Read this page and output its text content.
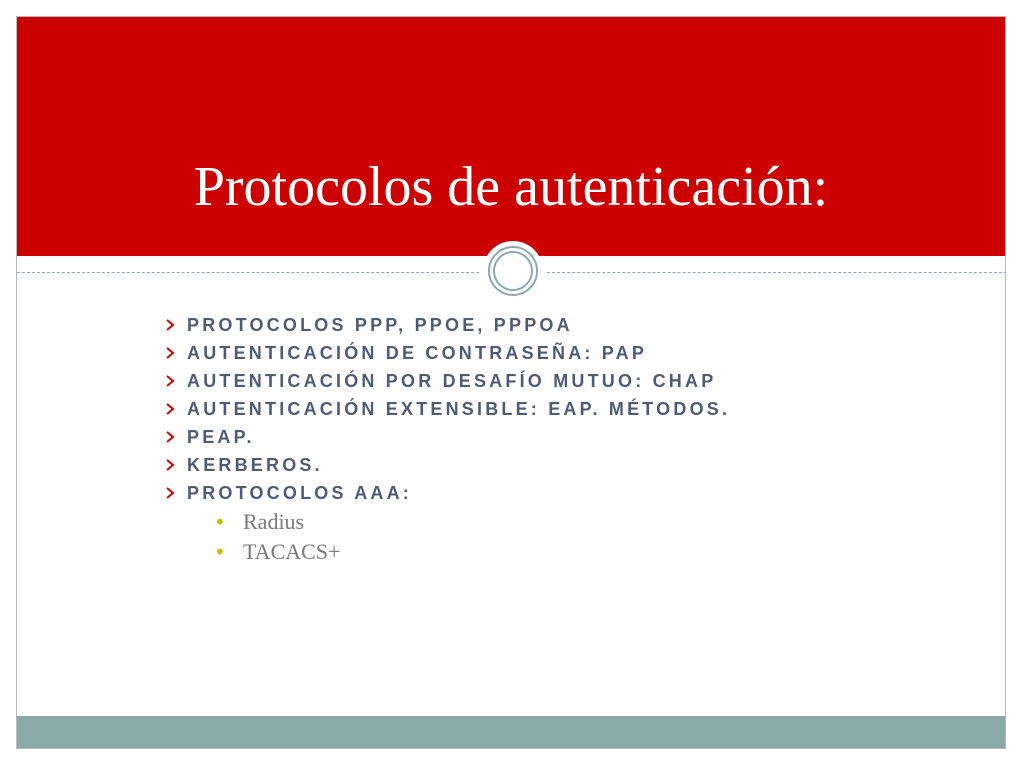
Protocolos de autenticación:
PROTOCOLOS PPP, PPOE, PPPOA
AUTENTICACIÓN DE CONTRASEÑA: PAP
AUTENTICACIÓN POR DESAFÍO MUTUO: CHAP
AUTENTICACIÓN EXTENSIBLE: EAP. MÉTODOS.
PEAP.
KERBEROS.
PROTOCOLOS AAA:
• Radius
• TACACS+
